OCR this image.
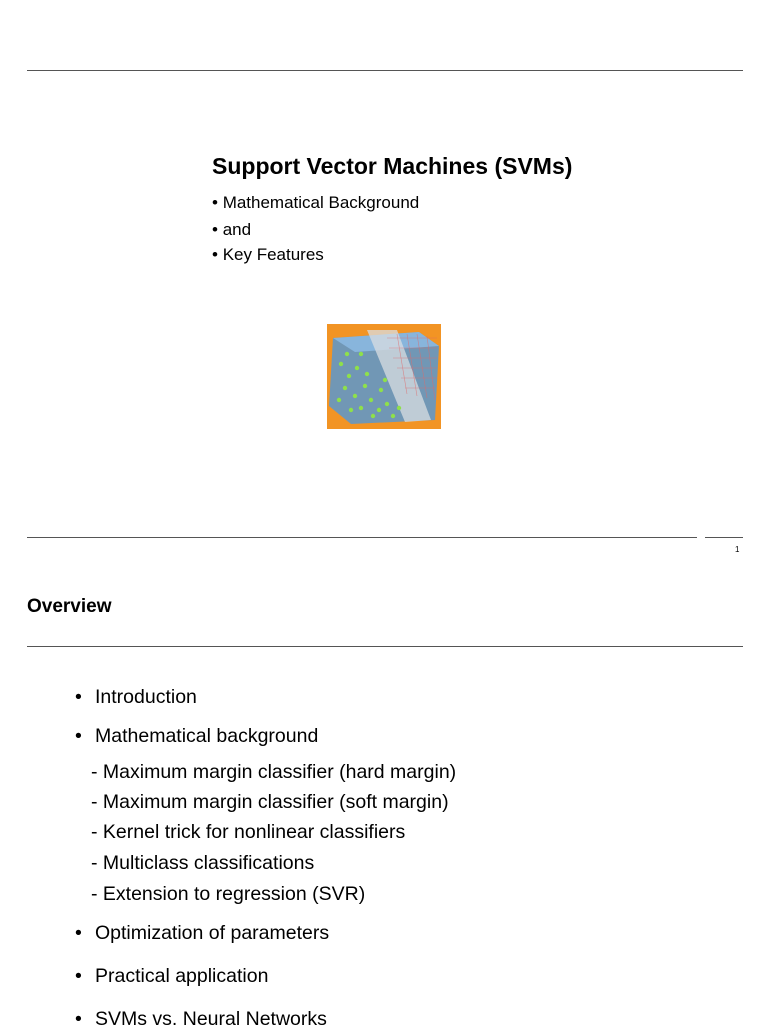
Support Vector Machines (SVMs)
• Mathematical Background
• and
• Key Features
1
Overview
• Introduction
• Mathematical background
- Maximum margin classifier (hard margin)
- Maximum margin classifier (soft margin)
- Kernel trick for nonlinear classifiers
- Multiclass classifications
- Extension to regression (SVR)
• Optimization of parameters
• Practical application
• SVMs vs. Neural Networks
